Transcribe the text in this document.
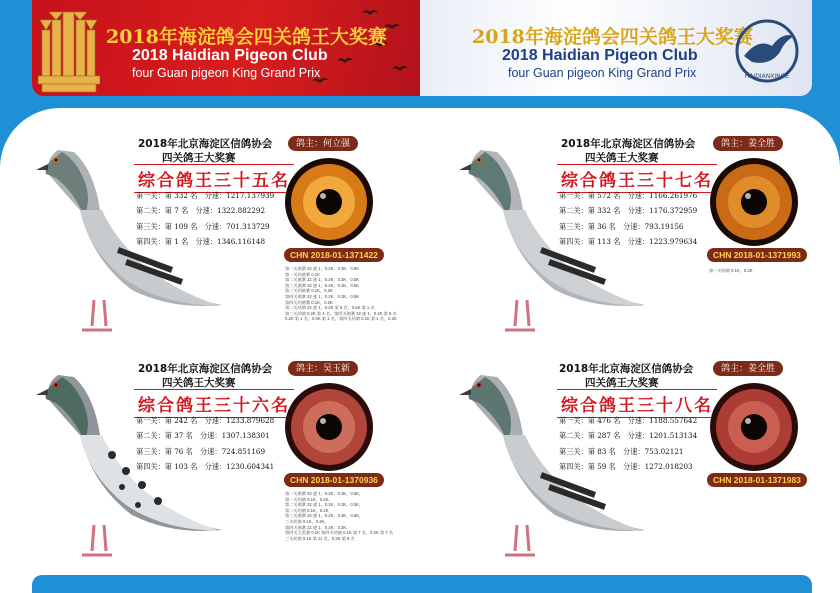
2018年海淀鸽会四关鸽王大奖赛
2018 Haidian Pigeon Club
four Guan pigeon King Grand Prix
2018年海淀鸽会四关鸽王大奖赛
2018 Haidian Pigeon Club
four Guan pigeon King Grand Prix	HAIDIANXINGE
2018年北京海淀区信鸽协会
四关鸽王大奖赛
综合鸽王三十五名
第一关：第 332 名　分速：1217.137939
第二关：第 7 名　分速：1322.882292
第三关：第 109 名　分速：701.313729
第四关：第 1 名　分速：1346.116148
鸽主：何立强
CHN 2018-01-1371422
第一关鸽赛 22 速 1，0.2K，0.3K，0.5K
第一关幼鸽赛 0.1K
第二关鸽赛 22 速 1，0.2K，0.3K，0.5K
第三关鸽赛 22 速 1，0.2K，0.3K，0.5K
第三关幼鸽赛 0.1K，0.2K
第四关鸽赛 22 速 1，0.2K，0.3K，0.5K
第四关幼鸽赛 0.1K，0.2K
第二关幼鸽 22 速 1，0.2K 第 6 名，0.5K 第 1 名
第三关幼鸽 0.2K 第 4 名，第四关鸽赛 22 速 1，0.2K 第 5 名
0.2K 第 1 名，0.5K 第 1 名，第四关幼鸽 0.1K 第 1 名，0.2K
2018年北京海淀区信鸽协会
四关鸽王大奖赛
综合鸽王三十七名
第一关：第 572 名　分速：1166.261976
第二关：第 332 名　分速：1176.372959
第三关：第 36 名　分速：793.19156
第四关：第 113 名　分速：1223.979634
鸽主：姜全胜
CHN 2018-01-1371993
第一关幼鸽 0.1K，0.2K
2018年北京海淀区信鸽协会
四关鸽王大奖赛
综合鸽王三十六名
第一关：第 242 名　分速：1233.879628
第二关：第 37 名　分速：1307.138301
第三关：第 76 名　分速：724.851169
第四关：第 103 名　分速：1230.604341
鸽主：吴玉新
CHN 2018-01-1370936
第一关鸽赛 22 速 1，0.2K，0.3K，0.5K，
第一关幼鸽 0.1K，0.2K，
第二关鸽赛 22 速 1，0.2K，0.3K，0.5K，
第二关幼鸽 0.1K，0.2K，
第三关鸽赛 22 速 1，0.2K，0.3K，0.5K，
三关幼鸽 0.1K，0.2K，
第四关鸽赛 22 速 1，0.2K，0.3K，
第四关大奖赛 0.1K 第四关幼鸽 0.1K 第 7 名，0.2K 第 7 名
三关幼鸽 0.1K 第 11 名，0.2K 第 9 名
2018年北京海淀区信鸽协会
四关鸽王大奖赛
综合鸽王三十八名
第一关：第 476 名　分速：1188.557642
第二关：第 287 名　分速：1201.513134
第三关：第 83 名　分速：753.02121
第四关：第 59 名　分速：1272.018203
鸽主：姜全胜
CHN 2018-01-1371983
